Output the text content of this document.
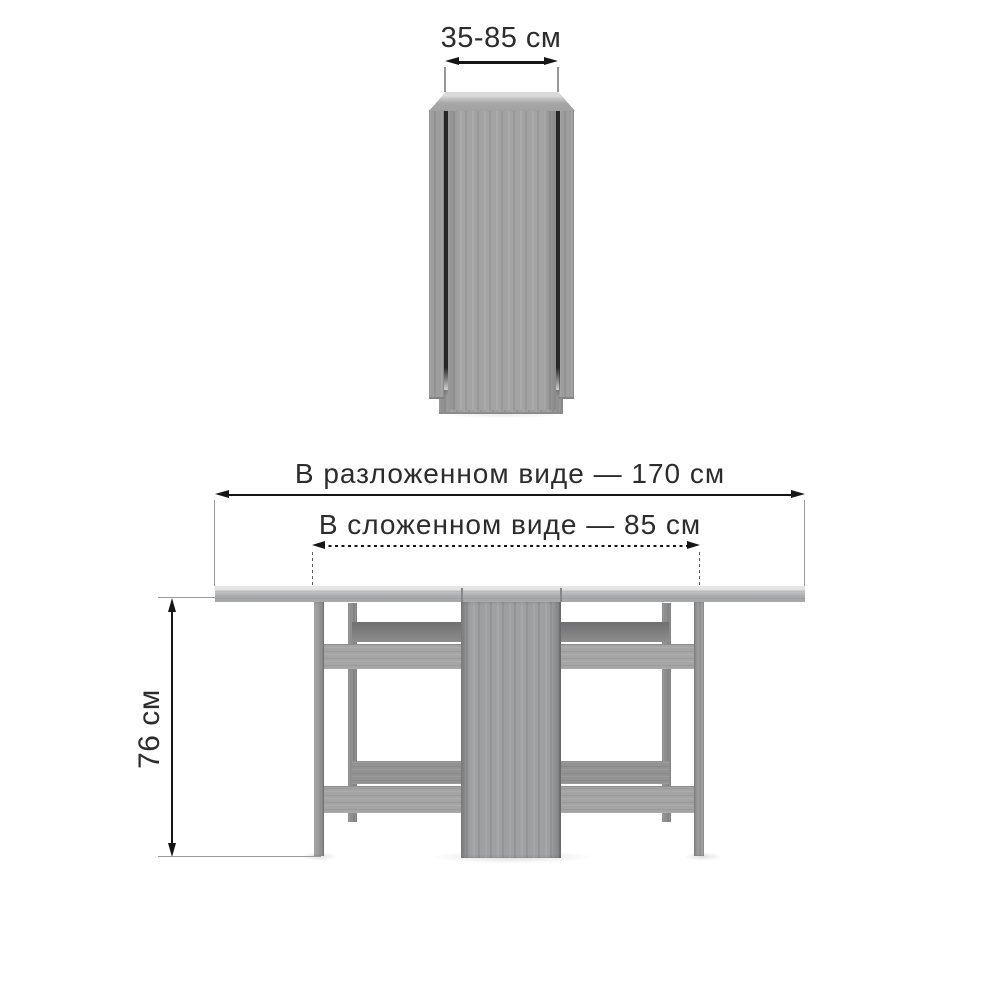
35-85 см
В разложенном виде — 170 см
В сложенном виде — 85 см
76 см
